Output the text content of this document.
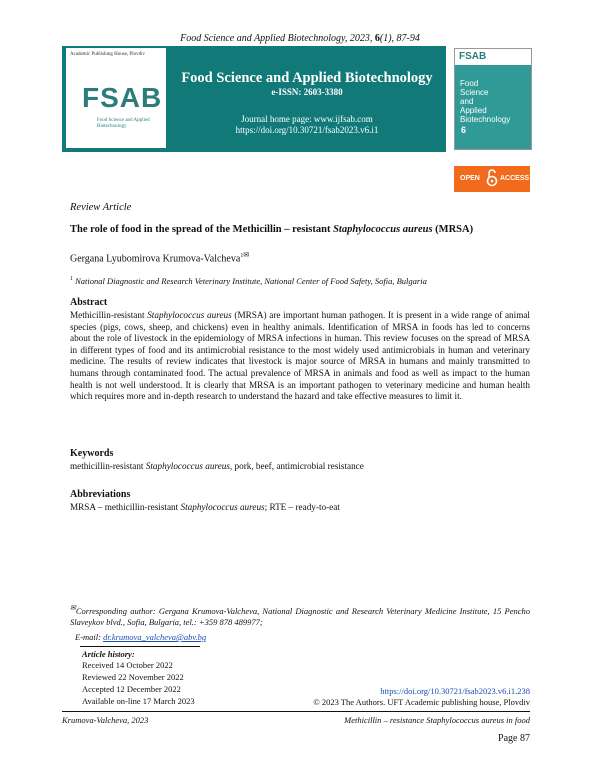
Food Science and Applied Biotechnology, 2023, 6(1), 87-94
Academic Publishing House, Plovdiv
FSAB
Food Science and Applied Biotechnology
Food Science and Applied Biotechnology
e-ISSN: 2603-3380
Journal home page: www.ijfsab.com
https://doi.org/10.30721/fsab2023.v6.i1
FSAB
Food
Science
and
Applied
Biotechnology
6
OPEN	ACCESS
Review Article
The role of food in the spread of the Methicillin – resistant Staphylococcus aureus (MRSA)
Gergana Lyubomirova Krumova-Valcheva$^1$✉
$^1$ National Diagnostic and Research Veterinary Institute, National Center of Food Safety, Sofia, Bulgaria
Abstract
Methicillin-resistant Staphylococcus aureus (MRSA) are important human pathogen. It is present in a wide range of animal species (pigs, cows, sheep, and chickens) even in healthy animals. Identification of MRSA in foods has led to concerns about the role of livestock in the epidemiology of MRSA infections in human. This review focuses on the spread of MRSA in different types of food and its antimicrobial resistance to the most widely used antimicrobials in human and veterinary medicine. The results of review indicates that livestock is major source of MRSA in humans and mainly transmitted to humans through contaminated food. The actual prevalence of MRSA in animals and food as well as impact to the human health is not well understood. It is clearly that MRSA is an important pathogen to veterinary medicine and human health which requires more and in-depth research to understand the hazard and take effective measures to limit it.
Keywords
methicillin-resistant Staphylococcus aureus, pork, beef, antimicrobial resistance
Abbreviations
MRSA – methicillin-resistant Staphylococcus aureus; RTE – ready-to-eat
✉Corresponding author: Gergana Krumova-Valcheva, National Diagnostic and Research Veterinary Medicine Institute, 15 Pencho Slaveykov blvd., Sofia, Bulgaria, tel.: +359 878 489977;
E-mail: dr.krumova_valcheva@abv.bg
Article history:
Received 14 October 2022
Reviewed 22 November 2022
Accepted 12 December 2022
Available on-line 17 March 2023
https://doi.org/10.30721/fsab2023.v6.i1.238
© 2023 The Authors. UFT Academic publishing house, Plovdiv
Krumova-Valcheva, 2023	Methicillin – resistance Staphylococcus aureus in food
Page 87
